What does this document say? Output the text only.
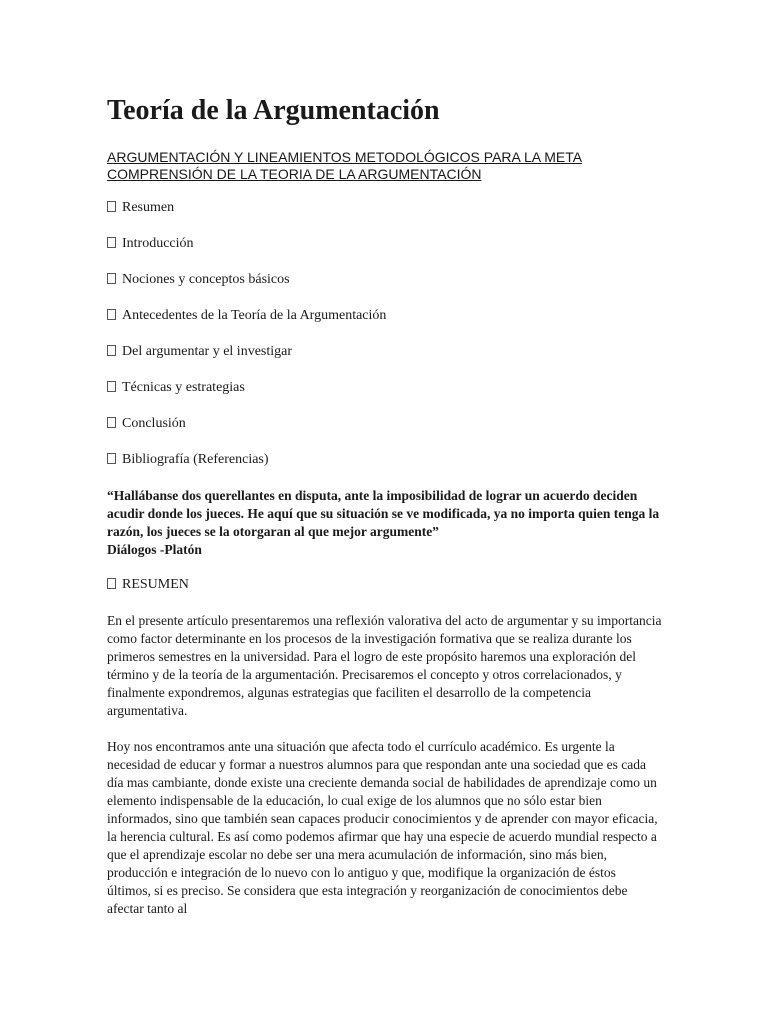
Teoría de la Argumentación
ARGUMENTACIÓN Y LINEAMIENTOS METODOLÓGICOS PARA LA META COMPRENSIÓN DE LA TEORIA DE LA ARGUMENTACIÓN
Resumen
Introducción
Nociones y conceptos básicos
Antecedentes de la Teoría de la Argumentación
Del argumentar y el investigar
Técnicas y estrategias
Conclusión
Bibliografía (Referencias)
“Hallábanse dos querellantes en disputa, ante la imposibilidad de lograr un acuerdo deciden acudir donde los jueces. He aquí que su situación se ve modificada, ya no importa quien tenga la razón, los jueces se la otorgaran al que mejor argumente”
Diálogos -Platón
RESUMEN

En el presente artículo presentaremos una reflexión valorativa del acto de argumentar y su importancia como factor determinante en los procesos de la investigación formativa que se realiza durante los primeros semestres en la universidad. Para el logro de este propósito haremos una exploración del término y de la teoría de la argumentación. Precisaremos el concepto y otros correlacionados, y finalmente expondremos, algunas estrategias que faciliten el desarrollo de la competencia argumentativa.

Hoy nos encontramos ante una situación que afecta todo el currículo académico. Es urgente la necesidad de educar y formar a nuestros alumnos para que respondan ante una sociedad que es cada día mas cambiante, donde existe una creciente demanda social de habilidades de aprendizaje como un elemento indispensable de la educación, lo cual exige de los alumnos que no sólo estar bien informados, sino que también sean capaces producir conocimientos y de aprender con mayor eficacia, la herencia cultural. Es así como podemos afirmar que hay una especie de acuerdo mundial respecto a que el aprendizaje escolar no debe ser una mera acumulación de información, sino más bien, producción e integración de lo nuevo con lo antiguo y que, modifique la organización de éstos últimos, si es preciso. Se considera que esta integración y reorganización de conocimientos debe afectar tanto al
